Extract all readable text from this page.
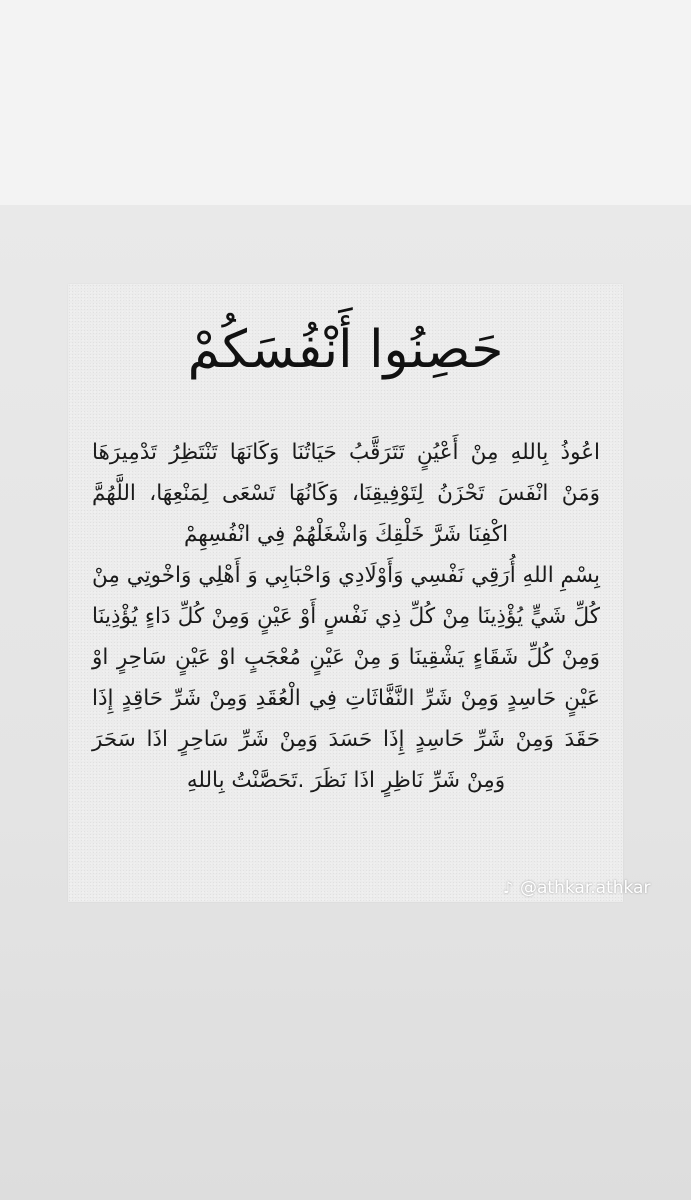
حَصِنُوا أَنْفُسَكُمْ

اعُوذُ بِاللهِ مِنْ أَعْيُنٍ تَتَرَقَّبُ حَيَاتُنَا وَكَانَهَا تَنْتَظِرُ تَدْمِيرَهَا وَمَنْ انْفَسَ تَحْزَنُ لِتَوْفِيقِنَا، وَكَانُهَا تَسْعَى لِمَنْعِهَا، اللَّهُمَّ اكْفِنَا شَرَّ خَلْقِكَ وَاشْغَلْهُمْ فِي انْفُسِهِمْ

بِسْمِ اللهِ أُرَقِي نَفْسِي وَأَوْلَادِي وَاحْبَابِي وَ أَهْلِي وَاخْوتِي مِنْ كُلِّ شَيٍّ يُؤْذِينَا مِنْ كُلِّ ذِي نَفْسٍ أَوْ عَيْنٍ وَمِنْ كُلِّ دَاءٍ يُؤْذِينَا وَمِنْ كُلِّ شَقَاءٍ يَشْقِينَا وَ مِنْ عَيْنٍ مُعْجَبٍ اوْ عَيْنٍ سَاحِرٍ اوْ عَيْنٍ حَاسِدٍ وَمِنْ شَرِّ النَّفَّاثَاتِ فِي الْعُقَدِ وَمِنْ شَرِّ حَاقِدٍ إِذَا حَقَدَ وَمِنْ شَرِّ حَاسِدٍ إِذَا حَسَدَ وَمِنْ شَرِّ سَاحِرٍ اذَا سَحَرَ وَمِنْ شَرِّ نَاظِرٍ اذَا نَظَرَ .تَحَصَّنْتُ بِاللهِ

♪ @athkar.athkar
